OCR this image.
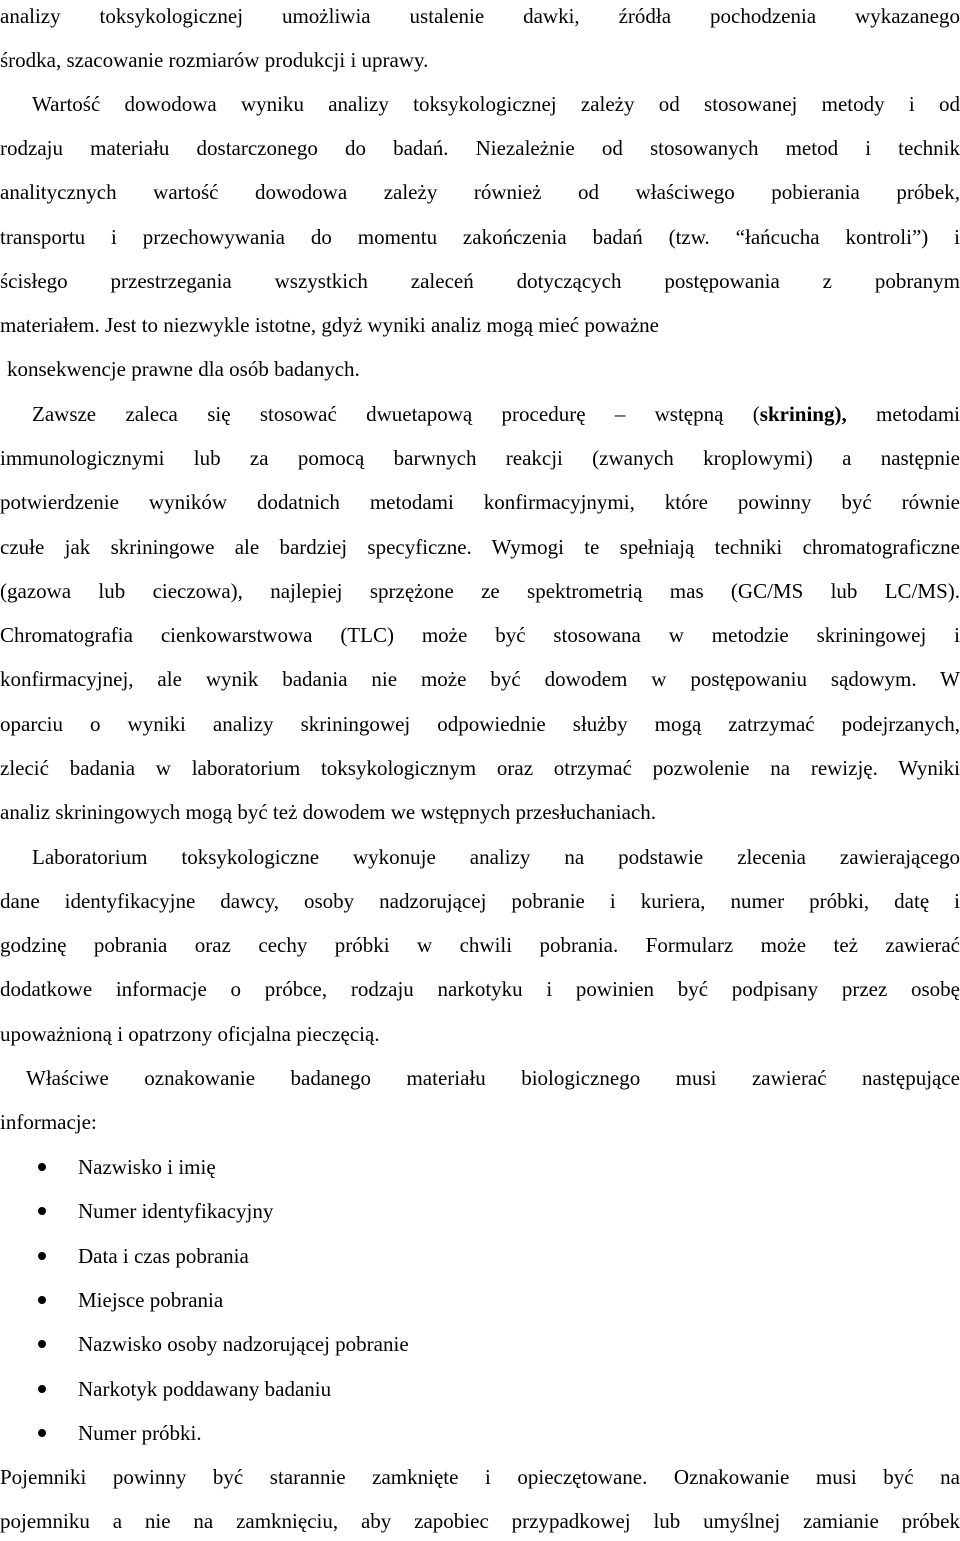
analizy toksykologicznej umożliwia ustalenie dawki, źródła pochodzenia wykazanego
środka, szacowanie rozmiarów produkcji i uprawy.
Wartość dowodowa wyniku analizy toksykologicznej zależy od stosowanej metody i od
rodzaju materiału dostarczonego do badań. Niezależnie od stosowanych metod i technik
analitycznych wartość dowodowa zależy również od właściwego pobierania próbek,
transportu i przechowywania do momentu zakończenia badań (tzw. “łańcucha kontroli”) i
ścisłego przestrzegania wszystkich zaleceń dotyczących postępowania z pobranym
materiałem. Jest to niezwykle istotne, gdyż wyniki analiz mogą mieć poważne
konsekwencje prawne dla osób badanych.
Zawsze zaleca się stosować dwuetapową procedurę – wstępną (skrining), metodami
immunologicznymi lub za pomocą barwnych reakcji (zwanych kroplowymi) a następnie
potwierdzenie wyników dodatnich metodami konfirmacyjnymi, które powinny być równie
czułe jak skriningowe ale bardziej specyficzne. Wymogi te spełniają techniki chromatograficzne
(gazowa lub cieczowa), najlepiej sprzężone ze spektrometrią mas (GC/MS lub LC/MS).
Chromatografia cienkowarstwowa (TLC) może być stosowana w metodzie skriningowej i
konfirmacyjnej, ale wynik badania nie może być dowodem w postępowaniu sądowym. W
oparciu o wyniki analizy skriningowej odpowiednie służby mogą zatrzymać podejrzanych,
zlecić badania w laboratorium toksykologicznym oraz otrzymać pozwolenie na rewizję. Wyniki
analiz skriningowych mogą być też dowodem we wstępnych przesłuchaniach.
Laboratorium toksykologiczne wykonuje analizy na podstawie zlecenia zawierającego
dane identyfikacyjne dawcy, osoby nadzorującej pobranie i kuriera, numer próbki, datę i
godzinę pobrania oraz cechy próbki w chwili pobrania. Formularz może też zawierać
dodatkowe informacje o próbce, rodzaju narkotyku i powinien być podpisany przez osobę
upoważnioną i opatrzony oficjalna pieczęcią.
Właściwe oznakowanie badanego materiału biologicznego musi zawierać następujące
informacje:
Nazwisko i imię
Numer identyfikacyjny
Data i czas pobrania
Miejsce pobrania
Nazwisko osoby nadzorującej pobranie
Narkotyk poddawany badaniu
Numer próbki.
Pojemniki powinny być starannie zamknięte i opieczętowane. Oznakowanie musi być na
pojemniku a nie na zamknięciu, aby zapobiec przypadkowej lub umyślnej zamianie próbek
